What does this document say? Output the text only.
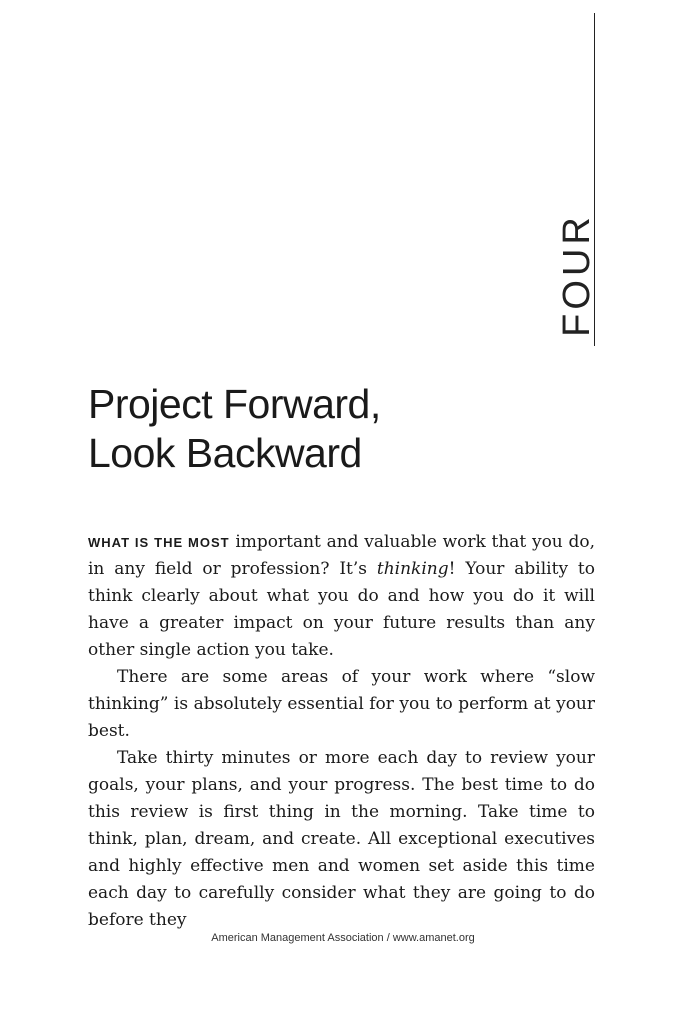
FOUR
Project Forward,
Look Backward

WHAT IS THE MOST important and valuable work that you do, in any field or profession? It’s thinking! Your ability to think clearly about what you do and how you do it will have a greater impact on your future results than any other single action you take.

There are some areas of your work where “slow thinking” is absolutely essential for you to perform at your best.

Take thirty minutes or more each day to review your goals, your plans, and your progress. The best time to do this review is first thing in the morning. Take time to think, plan, dream, and create. All exceptional executives and highly effective men and women set aside this time each day to carefully consider what they are going to do before they

American Management Association / www.amanet.org
